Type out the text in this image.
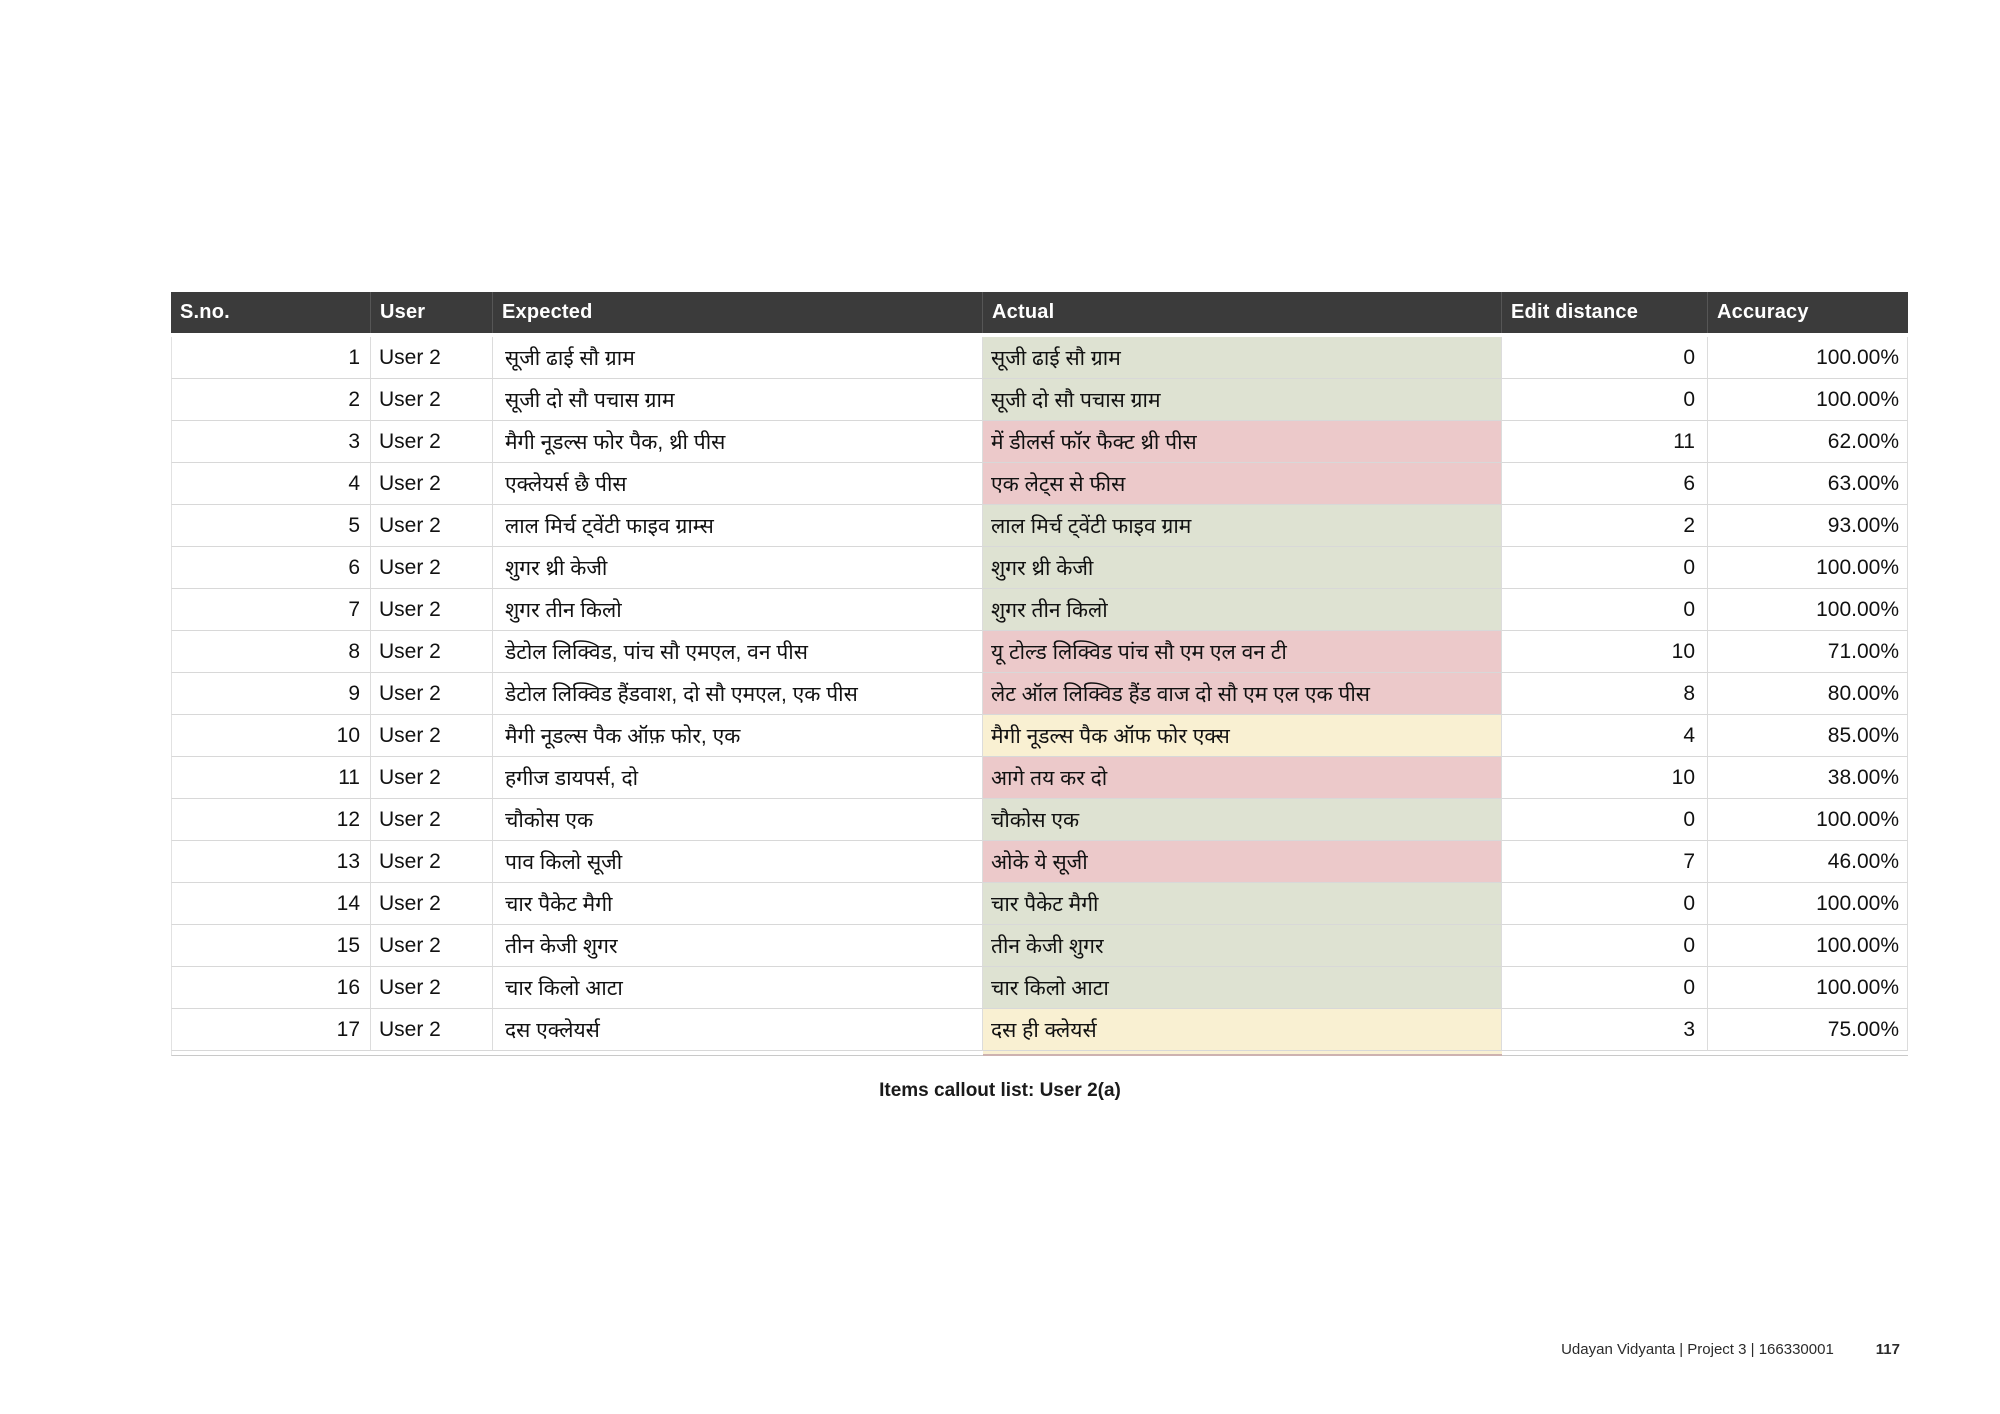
S.no.	User	Expected	Actual	Edit distance	Accuracy

1	User 2	सूजी ढाई सौ ग्राम	सूजी ढाई सौ ग्राम	0	100.00%
2	User 2	सूजी दो सौ पचास ग्राम	सूजी दो सौ पचास ग्राम	0	100.00%
3	User 2	मैगी नूडल्स फोर पैक, थ्री पीस	में डीलर्स फॉर फैक्ट थ्री पीस	11	62.00%
4	User 2	एक्लेयर्स छै पीस	एक लेट्स से फीस	6	63.00%
5	User 2	लाल मिर्च ट्वेंटी फाइव ग्राम्स	लाल मिर्च ट्वेंटी फाइव ग्राम	2	93.00%
6	User 2	शुगर थ्री केजी	शुगर थ्री केजी	0	100.00%
7	User 2	शुगर तीन किलो	शुगर तीन किलो	0	100.00%
8	User 2	डेटोल लिक्विड, पांच सौ एमएल, वन पीस	यू टोल्ड लिक्विड पांच सौ एम एल वन टी	10	71.00%
9	User 2	डेटोल लिक्विड हैंडवाश, दो सौ एमएल, एक पीस	लेट ऑल लिक्विड हैंड वाज दो सौ एम एल एक पीस	8	80.00%
10	User 2	मैगी नूडल्स पैक ऑफ़ फोर, एक	मैगी नूडल्स पैक ऑफ फोर एक्स	4	85.00%
11	User 2	हगीज डायपर्स, दो	आगे तय कर दो	10	38.00%
12	User 2	चौकोस एक	चौकोस एक	0	100.00%
13	User 2	पाव किलो सूजी	ओके ये सूजी	7	46.00%
14	User 2	चार पैकेट मैगी	चार पैकेट मैगी	0	100.00%
15	User 2	तीन केजी शुगर	तीन केजी शुगर	0	100.00%
16	User 2	चार किलो आटा	चार किलो आटा	0	100.00%
17	User 2	दस एक्लेयर्स	दस ही क्लेयर्स	3	75.00%

Items callout list: User 2(a)
Udayan Vidyanta | Project 3 | 166330001	117
